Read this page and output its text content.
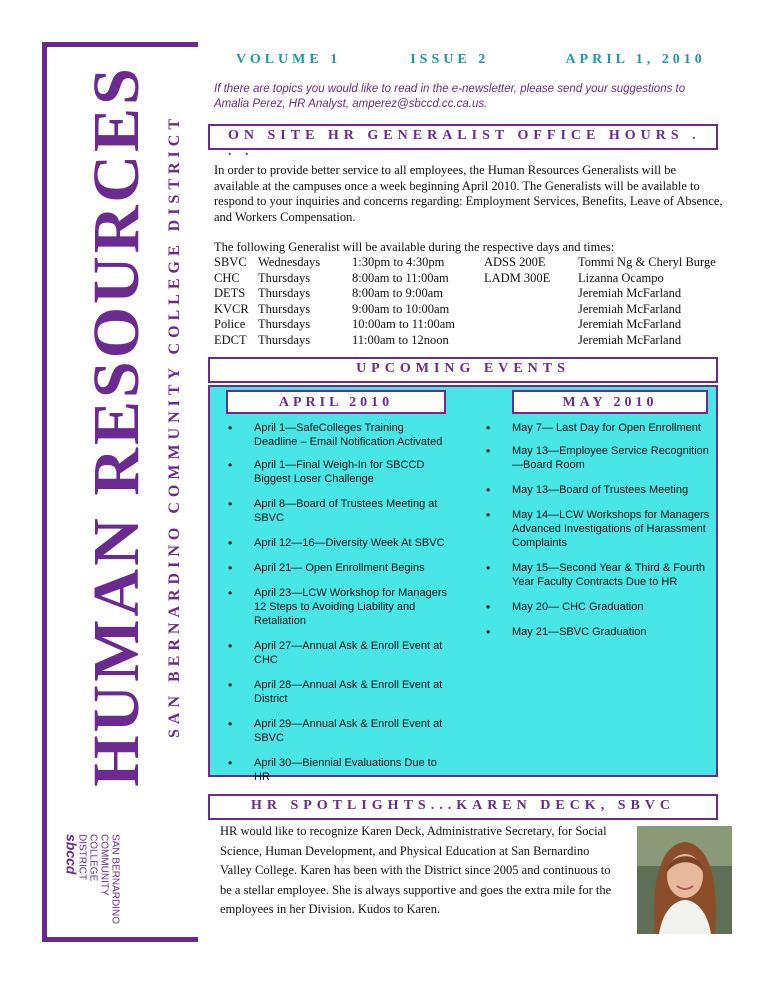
HUMAN RESOURCES SAN BERNARDINO COMMUNITY COLLEGE DISTRICT
SAN BERNARDINO
COMMUNITY
COLLEGE
DISTRICT
sbccd
VOLUME 1	ISSUE 2	APRIL 1, 2010
If there are topics you would like to read in the e-newsletter, please send your suggestions to Amalia Perez, HR Analyst, amperez@sbccd.cc.ca.us.
ON SITE HR GENERALIST OFFICE HOURS . . .
In order to provide better service to all employees, the Human Resources Generalists will be available at the campuses once a week beginning April 2010. The Generalists will be available to respond to your inquiries and concerns regarding: Employment Services, Benefits, Leave of Absence, and Workers Compensation.
The following Generalist will be available during the respective days and times:
SBVC	Wednesdays	1:30pm to 4:30pm	ADSS 200E	Tommi Ng & Cheryl Burge
CHC	Thursdays	8:00am to 11:00am	LADM 300E	Lizanna Ocampo
DETS	Thursdays	8:00am to 9:00am		Jeremiah McFarland
KVCR	Thursdays	9:00am to 10:00am		Jeremiah McFarland
Police	Thursdays	10:00am to 11:00am		Jeremiah McFarland
EDCT	Thursdays	11:00am to 12noon		Jeremiah McFarland
UPCOMING EVENTS
APRIL 2010	MAY 2010
• April 1—SafeColleges Training Deadline – Email Notification Activated
• April 1—Final Weigh-In for SBCCD Biggest Loser Challenge
• April 8—Board of Trustees Meeting at SBVC
• April 12—16—Diversity Week At SBVC
• April 21— Open Enrollment Begins
• April 23—LCW Workshop for Managers 12 Steps to Avoiding Liability and Retaliation
• April 27—Annual Ask & Enroll Event at CHC
• April 28—Annual Ask & Enroll Event at District
• April 29—Annual Ask & Enroll Event at SBVC
• April 30—Biennial Evaluations Due to HR
• May 7— Last Day for Open Enrollment
• May 13—Employee Service Recognition—Board Room
• May 13—Board of Trustees Meeting
• May 14—LCW Workshops for Managers Advanced Investigations of Harassment Complaints
• May 15—Second Year & Third & Fourth Year Faculty Contracts Due to HR
• May 20— CHC Graduation
• May 21—SBVC Graduation
HR SPOTLIGHTS...KAREN DECK, SBVC
HR would like to recognize Karen Deck, Administrative Secretary, for Social Science, Human Development, and Physical Education at San Bernardino Valley College. Karen has been with the District since 2005 and continuous to be a stellar employee. She is always supportive and goes the extra mile for the employees in her Division. Kudos to Karen.
